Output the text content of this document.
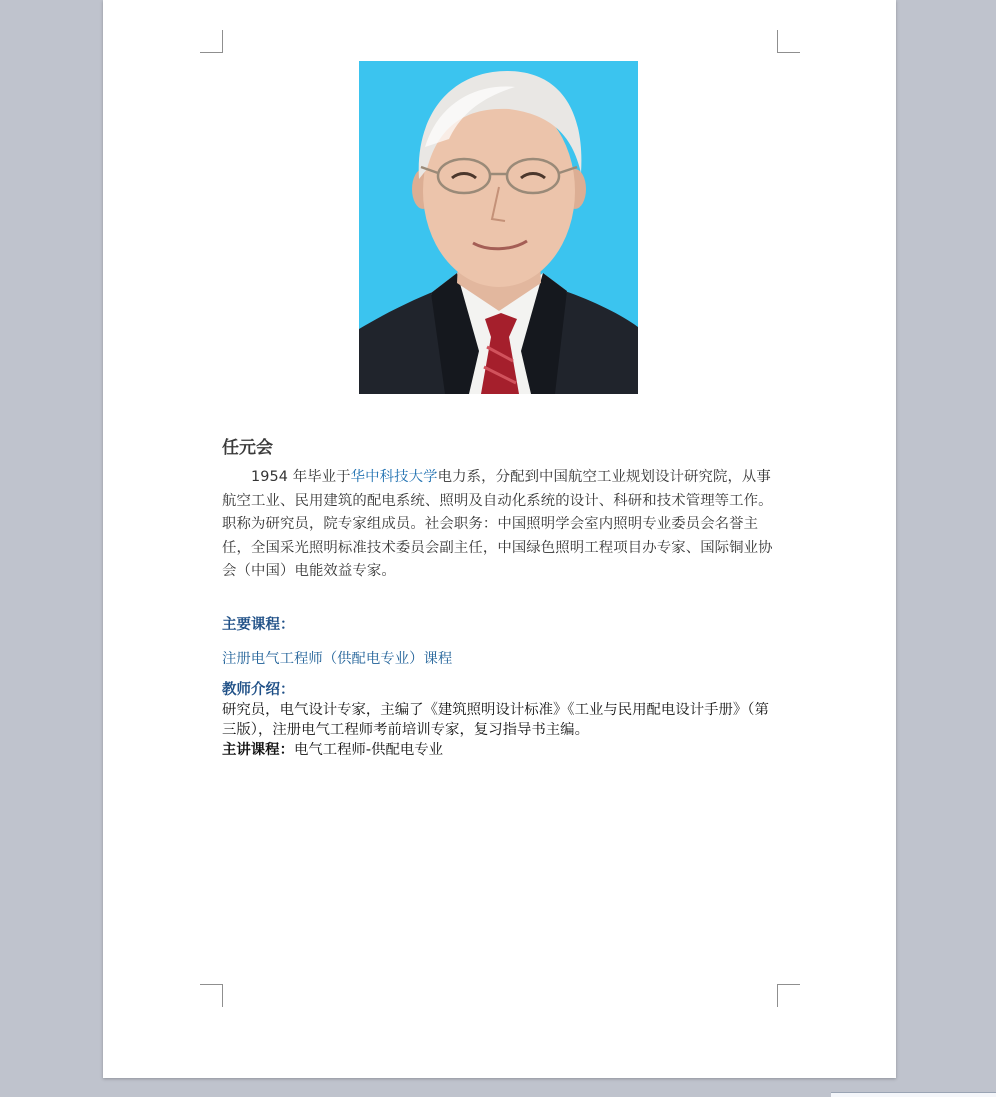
任元会

1954 年毕业于华中科技大学电力系，分配到中国航空工业规划设计研究院，从事航空工业、民用建筑的配电系统、照明及自动化系统的设计、科研和技术管理等工作。职称为研究员，院专家组成员。社会职务：中国照明学会室内照明专业委员会名誉主任，全国采光照明标准技术委员会副主任，中国绿色照明工程项目办专家、国际铜业协会（中国）电能效益专家。

主要课程：
注册电气工程师（供配电专业）课程
教师介绍：

研究员，电气设计专家，主编了《建筑照明设计标准》《工业与民用配电设计手册》（第三版），注册电气工程师考前培训专家，复习指导书主编。

主讲课程：电气工程师-供配电专业
